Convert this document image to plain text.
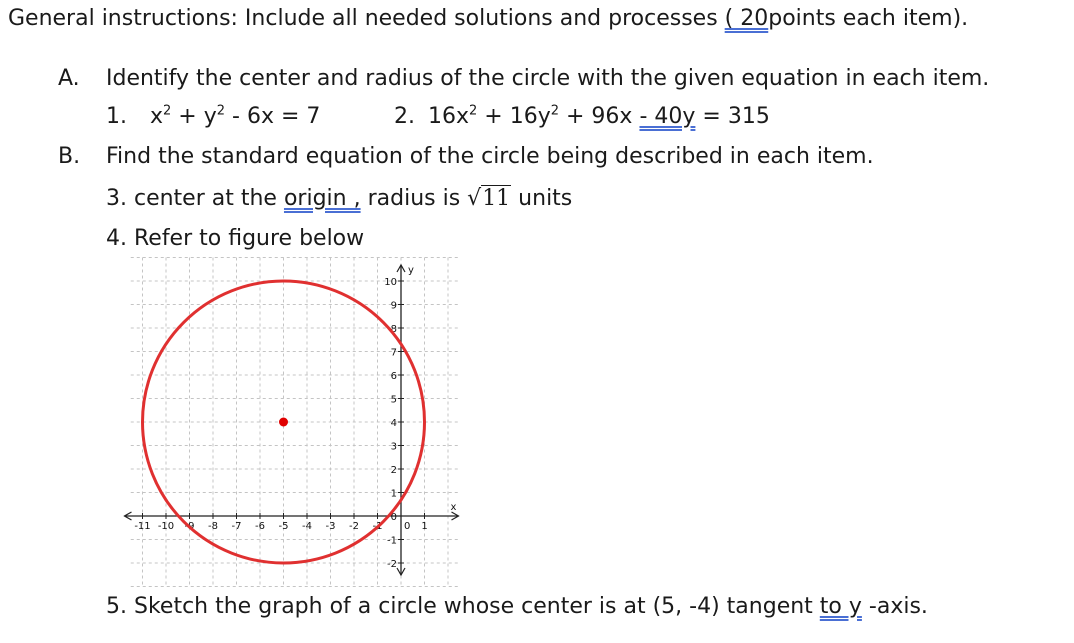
General instructions: Include all needed solutions and processes ( 20points each item).
A. Identify the center and radius of the circle with the given equation in each item.
1. $x^2 + y^2 - 6x = 7$	2. $16x^2 + 16y^2 + 96x - 40y = 315$
B. Find the standard equation of the circle being described in each item.
3. center at the origin , radius is √11 units
4. Refer to figure below
x
y
-11 -10 -9 -8 -7 -6 -5 -4 -3 -2 -1 0 1
-2
-1
0
1
2
3
4
5
6
7
8
9
10
5. Sketch the graph of a circle whose center is at (5, -4) tangent to y -axis.
